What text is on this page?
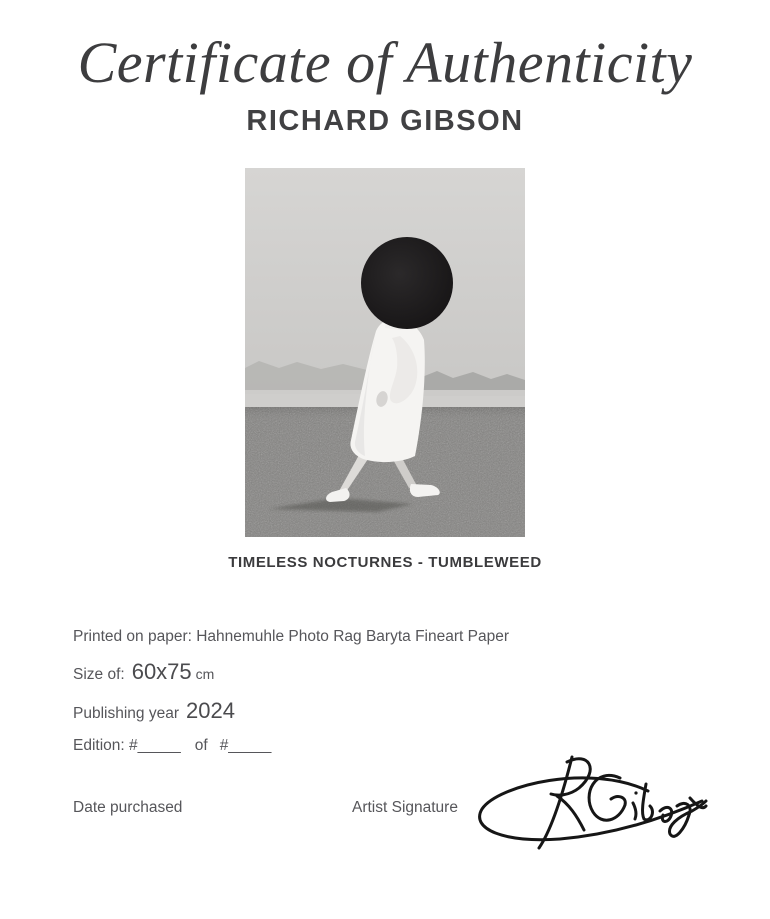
Certificate of Authenticity
RICHARD GIBSON
TIMELESS NOCTURNES - TUMBLEWEED
Printed on paper: Hahnemuhle Photo Rag Baryta Fineart Paper
Size of: 60x75 cm
Publishing year 2024
Edition: #_____ of #_____
Date purchased	Artist Signature
